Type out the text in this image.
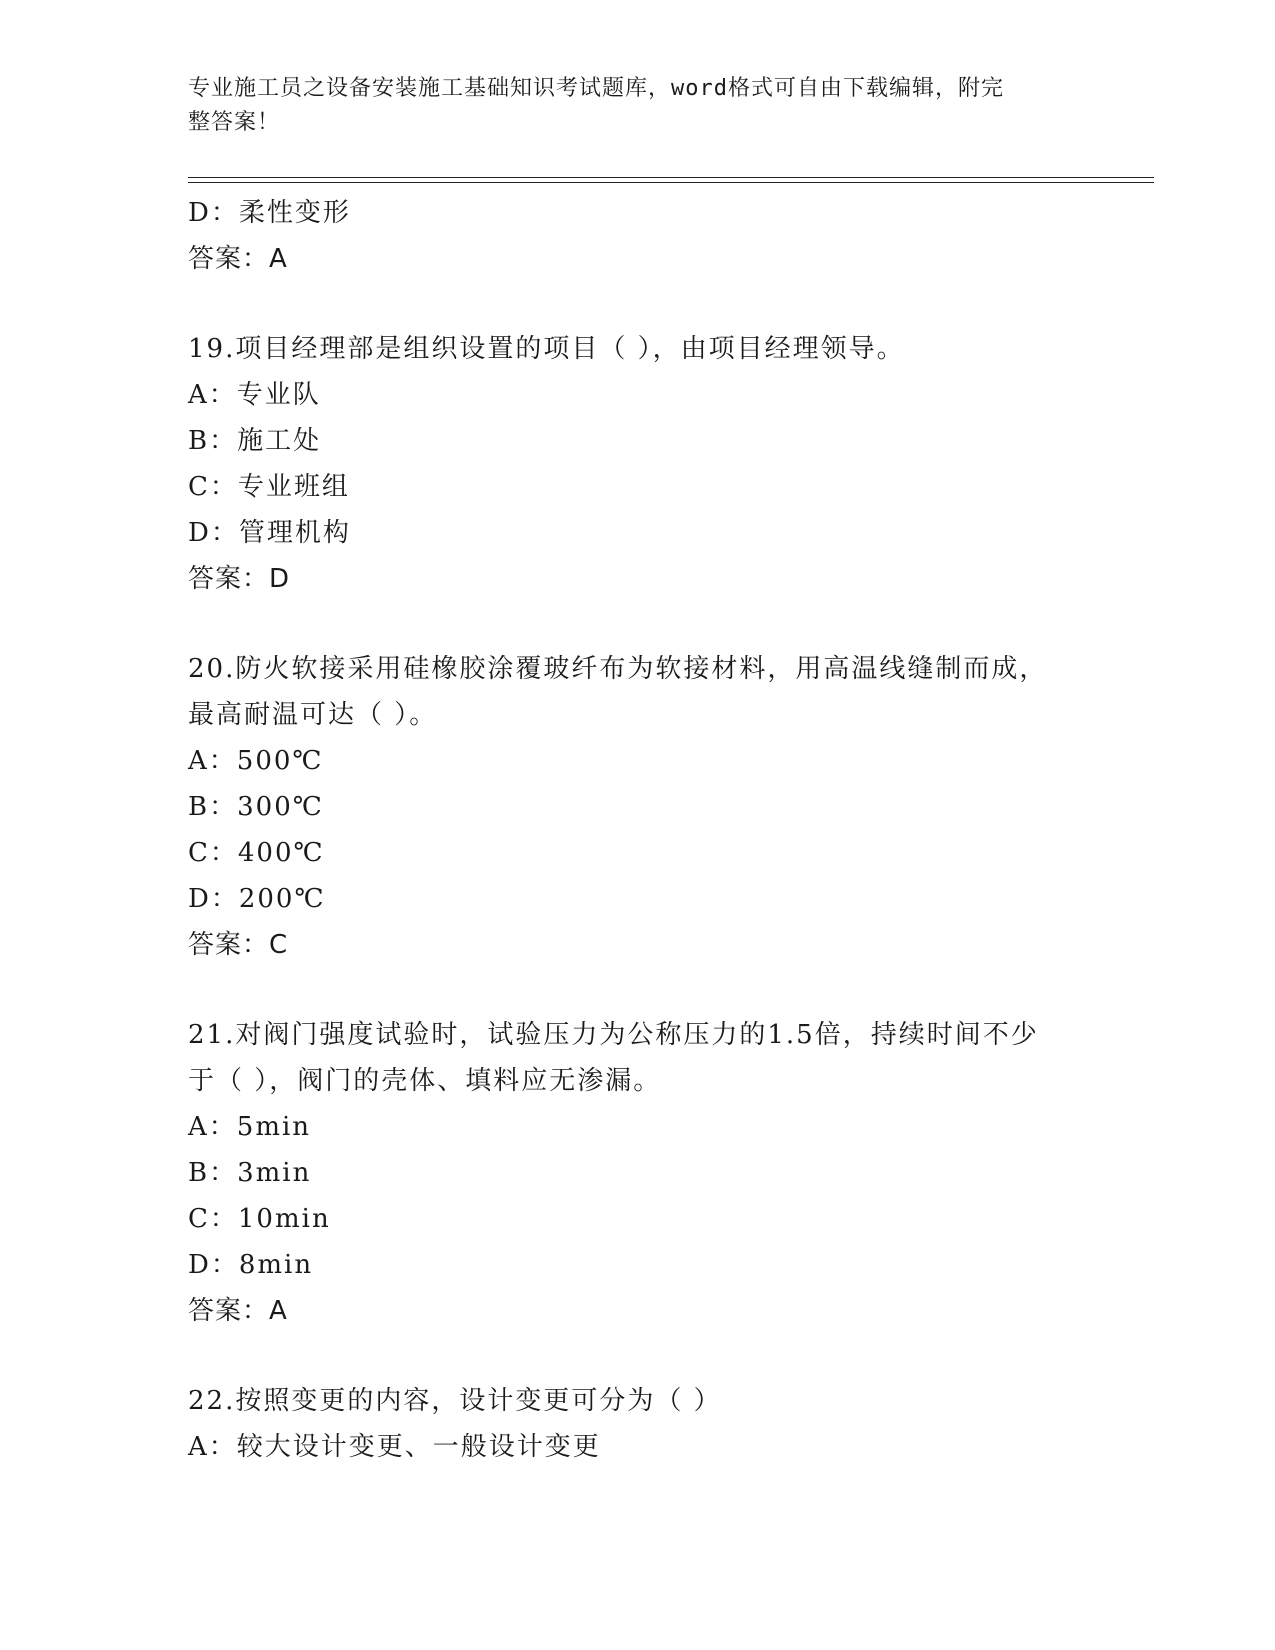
专业施工员之设备安装施工基础知识考试题库，word格式可自由下载编辑，附完
整答案！
D：柔性变形
答案：A
19.项目经理部是组织设置的项目（ ），由项目经理领导。
A：专业队
B：施工处
C：专业班组
D：管理机构
答案：D
20.防火软接采用硅橡胶涂覆玻纤布为软接材料，用高温线缝制而成，
最高耐温可达（ ）。
A：500℃
B：300℃
C：400℃
D：200℃
答案：C
21.对阀门强度试验时，试验压力为公称压力的1.5倍，持续时间不少
于（ ），阀门的壳体、填料应无渗漏。
A：5min
B：3min
C：10min
D：8min
答案：A
22.按照变更的内容，设计变更可分为（ ）
A：较大设计变更、一般设计变更
